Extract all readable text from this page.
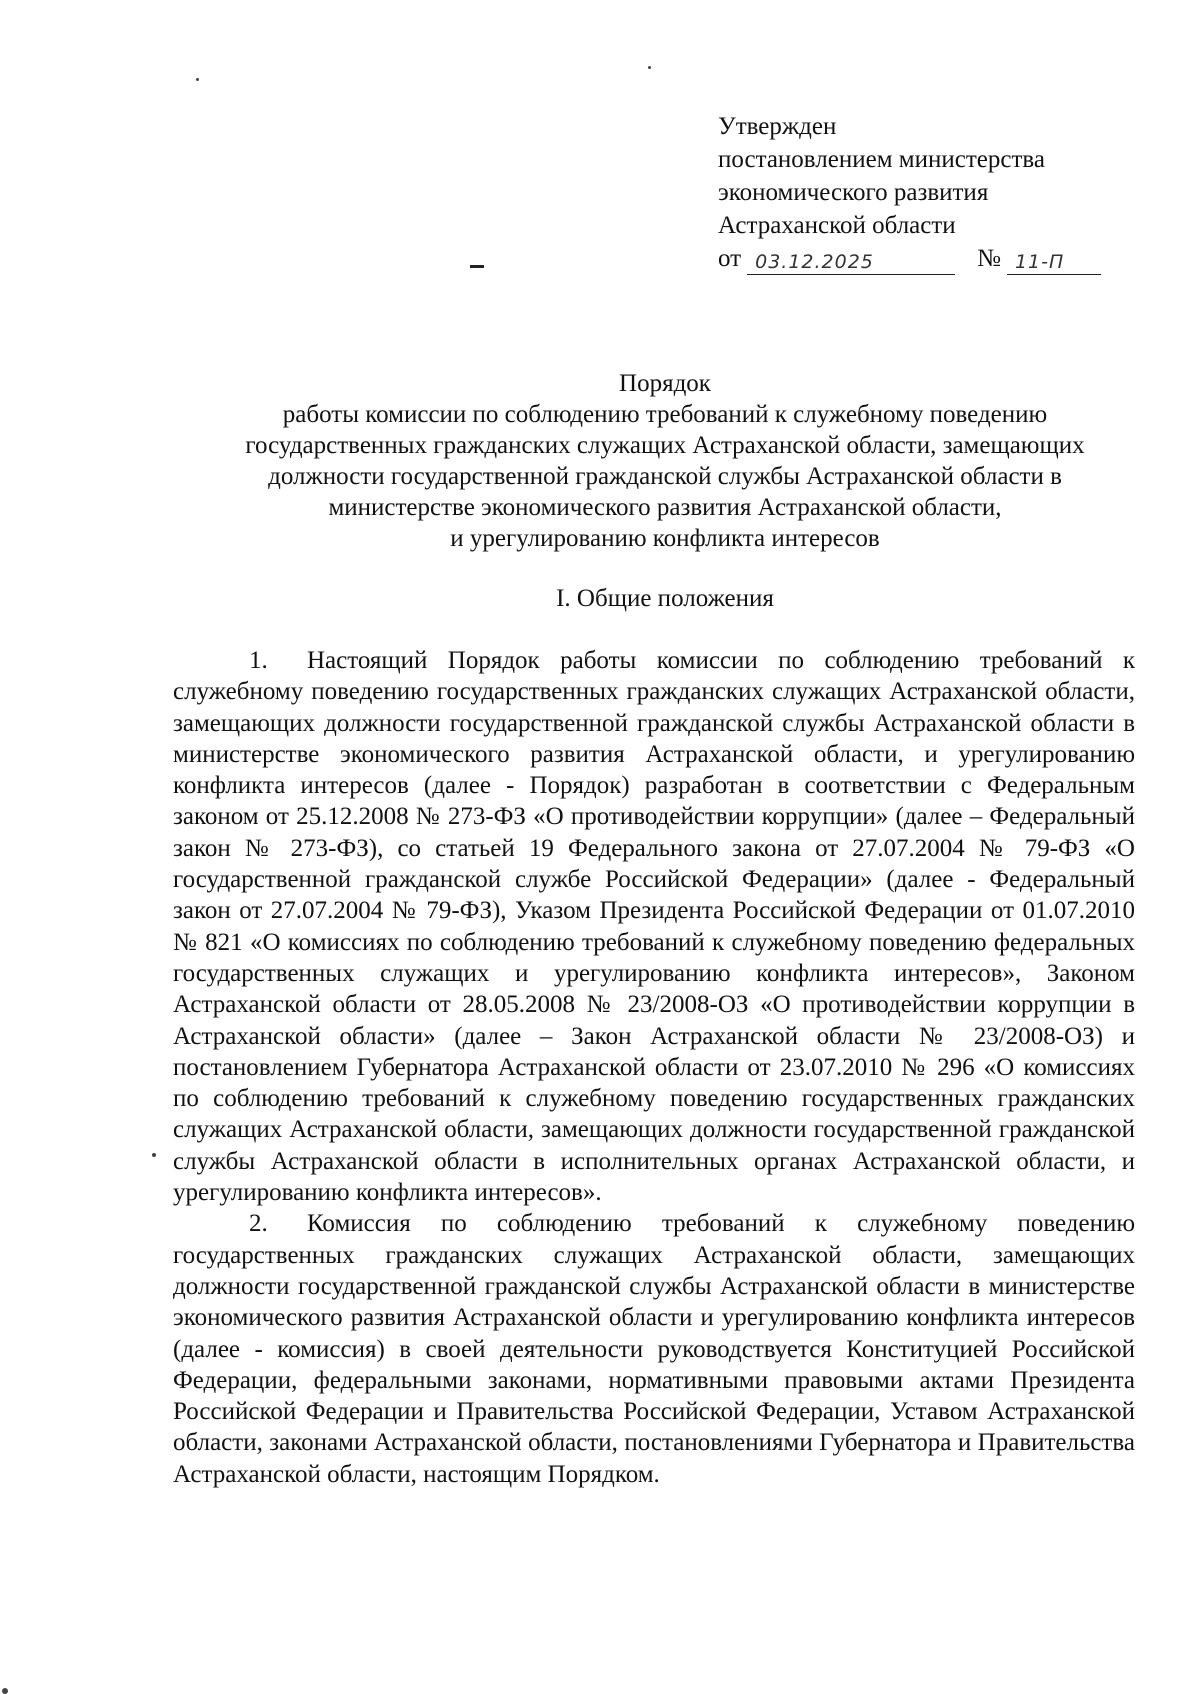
Утвержден
постановлением министерства
экономического развития
Астраханской области
от 03.12.2025	№ 11-П
Порядок
работы комиссии по соблюдению требований к служебному поведению
государственных гражданских служащих Астраханской области, замещающих
должности государственной гражданской службы Астраханской области в
министерстве экономического развития Астраханской области,
и урегулированию конфликта интересов
I. Общие положения

1. Настоящий Порядок работы комиссии по соблюдению требований к служебному поведению государственных гражданских служащих Астраханской области, замещающих должности государственной гражданской службы Астраханской области в министерстве экономического развития Астраханской области, и урегулированию конфликта интересов (далее - Порядок) разработан в соответствии с Федеральным законом от 25.12.2008 № 273-ФЗ «О противодействии коррупции» (далее – Федеральный закон № 273-ФЗ), со статьей 19 Федерального закона от 27.07.2004 № 79-ФЗ «О государственной гражданской службе Российской Федерации» (далее - Федеральный закон от 27.07.2004 № 79-ФЗ), Указом Президента Российской Федерации от 01.07.2010 № 821 «О комиссиях по соблюдению требований к служебному поведению федеральных государственных служащих и урегулированию конфликта интересов», Законом Астраханской области от 28.05.2008 № 23/2008-ОЗ «О противодействии коррупции в Астраханской области» (далее – Закон Астраханской области № 23/2008-ОЗ) и постановлением Губернатора Астраханской области от 23.07.2010 № 296 «О комиссиях по соблюдению требований к служебному поведению государственных гражданских служащих Астраханской области, замещающих должности государственной гражданской службы Астраханской области в исполнительных органах Астраханской области, и урегулированию конфликта интересов».

2. Комиссия по соблюдению требований к служебному поведению государственных гражданских служащих Астраханской области, замещающих должности государственной гражданской службы Астраханской области в министерстве экономического развития Астраханской области и урегулированию конфликта интересов (далее - комиссия) в своей деятельности руководствуется Конституцией Российской Федерации, федеральными законами, нормативными правовыми актами Президента Российской Федерации и Правительства Российской Федерации, Уставом Астраханской области, законами Астраханской области, постановлениями Губернатора и Правительства Астраханской области, настоящим Порядком.
